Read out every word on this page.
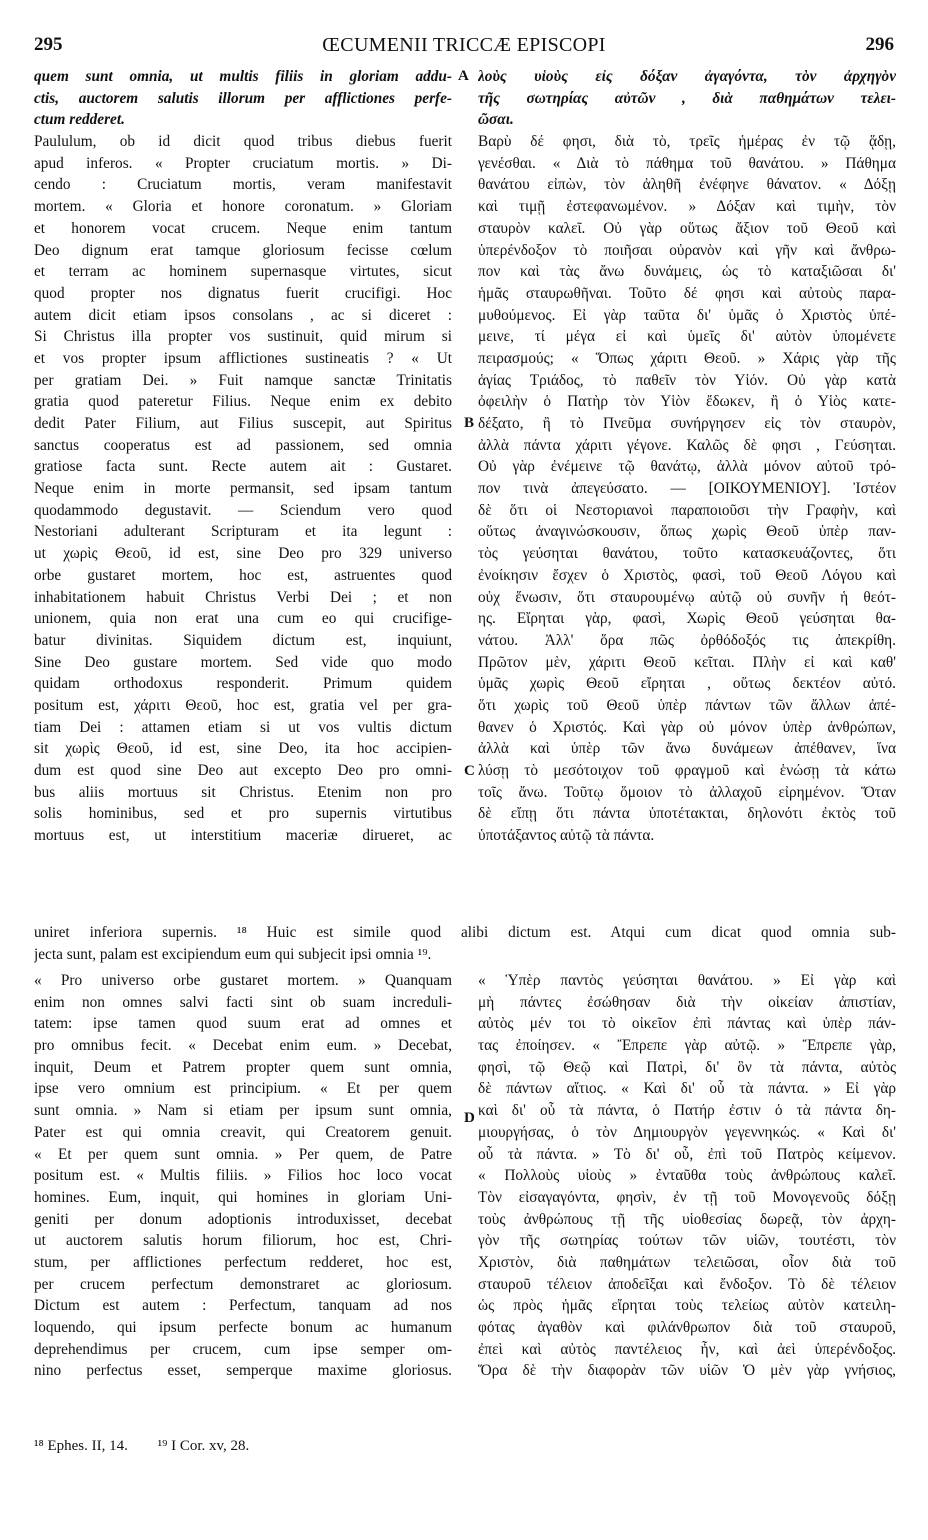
295	ŒCUMENII TRICCÆ EPISCOPI	296
quem sunt omnia, ut multis filiis in gloriam addu-
ctis, auctorem salutis illorum per afflictiones perfe-
ctum redderet.
Paululum, ob id dicit quod tribus diebus fuerit
apud inferos. « Propter cruciatum mortis. » Di-
cendo : Cruciatum mortis, veram manifestavit
mortem. « Gloria et honore coronatum. » Gloriam
et honorem vocat crucem. Neque enim tantum
Deo dignum erat tamque gloriosum fecisse cœlum
et terram ac hominem supernasque virtutes, sicut
quod propter nos dignatus fuerit crucifigi. Hoc
autem dicit etiam ipsos consolans , ac si diceret :
Si Christus illa propter vos sustinuit, quid mirum si
et vos propter ipsum afflictiones sustineatis ? « Ut
per gratiam Dei. » Fuit namque sanctæ Trinitatis
gratia quod pateretur Filius. Neque enim ex debito
dedit Pater Filium, aut Filius suscepit, aut Spiritus
sanctus cooperatus est ad passionem, sed omnia
gratiose facta sunt. Recte autem ait : Gustaret.
Neque enim in morte permansit, sed ipsam tantum
quodammodo degustavit. — Sciendum vero quod
Nestoriani adulterant Scripturam et ita legunt :
ut χωρὶς Θεοῦ, id est, sine Deo pro 329 universo
orbe gustaret mortem, hoc est, astruentes quod
inhabitationem habuit Christus Verbi Dei ; et non
unionem, quia non erat una cum eo qui crucifige-
batur divinitas. Siquidem dictum est, inquiunt,
Sine Deo gustare mortem. Sed vide quo modo
quidam orthodoxus responderit. Primum quidem
positum est, χάριτι Θεοῦ, hoc est, gratia vel per gra-
tiam Dei : attamen etiam si ut vos vultis dictum
sit χωρὶς Θεοῦ, id est, sine Deo, ita hoc accipien-
dum est quod sine Deo aut excepto Deo pro omni-
bus aliis mortuus sit Christus. Etenim non pro
solis hominibus, sed et pro supernis virtutibus
mortuus est, ut interstitium maceriæ dirueret, ac
λοὺς υἱοὺς εἰς δόξαν ἀγαγόντα, τὸν ἀρχηγὸν
τῆς σωτηρίας αὐτῶν , διὰ παθημάτων τελει-
ῶσαι.
Βαρὺ δέ φησι, διὰ τὸ, τρεῖς ἡμέρας ἐν τῷ ᾅδῃ,
γενέσθαι. « Διὰ τὸ πάθημα τοῦ θανάτου. » Πάθημα
θανάτου εἰπὼν, τὸν ἀληθῆ ἐνέφηνε θάνατον. « Δόξῃ
καὶ τιμῇ ἐστεφανωμένον. » Δόξαν καὶ τιμὴν, τὸν
σταυρὸν καλεῖ. Οὐ γὰρ οὕτως ἄξιον τοῦ Θεοῦ καὶ
ὑπερένδοξον τὸ ποιῆσαι οὐρανὸν καὶ γῆν καὶ ἄνθρω-
πον καὶ τὰς ἄνω δυνάμεις, ὡς τὸ καταξιῶσαι δι'
ἡμᾶς σταυρωθῆναι. Τοῦτο δέ φησι καὶ αὐτοὺς παρα-
μυθούμενος. Εἰ γὰρ ταῦτα δι' ὑμᾶς ὁ Χριστὸς ὑπέ-
μεινε, τί μέγα εἰ καὶ ὑμεῖς δι' αὐτὸν ὑπομένετε
πειρασμούς; « Ὅπως χάριτι Θεοῦ. » Χάρις γὰρ τῆς
ἁγίας Τριάδος, τὸ παθεῖν τὸν Υἱόν. Οὐ γὰρ κατὰ
ὀφειλὴν ὁ Πατὴρ τὸν Υἱὸν ἔδωκεν, ἢ ὁ Υἱὸς κατε-
δέξατο, ἢ τὸ Πνεῦμα συνήργησεν εἰς τὸν σταυρὸν,
ἀλλὰ πάντα χάριτι γέγονε. Καλῶς δὲ φησι , Γεύσηται.
Οὐ γὰρ ἐνέμεινε τῷ θανάτῳ, ἀλλὰ μόνον αὐτοῦ τρό-
πον τινὰ ἀπεγεύσατο. — [ΟΙΚΟΥΜΕΝΙΟΥ]. Ἰστέον
δὲ ὅτι οἱ Νεστοριανοὶ παραποιοῦσι τὴν Γραφὴν, καὶ
οὕτως ἀναγινώσκουσιν, ὅπως χωρὶς Θεοῦ ὑπὲρ παν-
τὸς γεύσηται θανάτου, τοῦτο κατασκευάζοντες, ὅτι
ἐνοίκησιν ἔσχεν ὁ Χριστὸς, φασὶ, τοῦ Θεοῦ Λόγου καὶ
οὐχ ἕνωσιν, ὅτι σταυρουμένῳ αὐτῷ οὐ συνῆν ἡ θεότ-
ης. Εἴρηται γὰρ, φασὶ, Χωρὶς Θεοῦ γεύσηται θα-
νάτου. Ἀλλ' ὅρα πῶς ὀρθόδοξός τις ἀπεκρίθη.
Πρῶτον μὲν, χάριτι Θεοῦ κεῖται. Πλὴν εἰ καὶ καθ'
ὑμᾶς χωρὶς Θεοῦ εἴρηται , οὕτως δεκτέον αὐτό.
ὅτι χωρὶς τοῦ Θεοῦ ὑπὲρ πάντων τῶν ἄλλων ἀπέ-
θανεν ὁ Χριστός. Καὶ γὰρ οὐ μόνον ὑπὲρ ἀνθρώπων,
ἀλλὰ καὶ ὑπὲρ τῶν ἄνω δυνάμεων ἀπέθανεν, ἵνα
λύσῃ τὸ μεσότοιχον τοῦ φραγμοῦ καὶ ἑνώσῃ τὰ κάτω
τοῖς ἄνω. Τοῦτῳ ὅμοιον τὸ ἀλλαχοῦ εἰρημένον. Ὅταν
δὲ εἴπῃ ὅτι πάντα ὑποτέτακται, δηλονότι ἐκτὸς τοῦ
ὑποτάξαντος αὐτῷ τὰ πάντα.
A
B
C
D
uniret inferiora supernis. ¹⁸ Huic est simile quod alibi dictum est. Atqui cum dicat quod omnia sub-
jecta sunt, palam est excipiendum eum qui subjecit ipsi omnia ¹⁹.
« Pro universo orbe gustaret mortem. » Quanquam
enim non omnes salvi facti sint ob suam increduli-
tatem: ipse tamen quod suum erat ad omnes et
pro omnibus fecit. « Decebat enim eum. » Decebat,
inquit, Deum et Patrem propter quem sunt omnia,
ipse vero omnium est principium. « Et per quem
sunt omnia. » Nam si etiam per ipsum sunt omnia,
Pater est qui omnia creavit, qui Creatorem genuit.
« Et per quem sunt omnia. » Per quem, de Patre
positum est. « Multis filiis. » Filios hoc loco vocat
homines. Eum, inquit, qui homines in gloriam Uni-
geniti per donum adoptionis introduxisset, decebat
ut auctorem salutis horum filiorum, hoc est, Chri-
stum, per afflictiones perfectum redderet, hoc est,
per crucem perfectum demonstraret ac gloriosum.
Dictum est autem : Perfectum, tanquam ad nos
loquendo, qui ipsum perfecte bonum ac humanum
deprehendimus per crucem, cum ipse semper om-
nino perfectus esset, semperque maxime gloriosus.
« Ὑπὲρ παντὸς γεύσηται θανάτου. » Εἰ γὰρ καὶ
μὴ πάντες ἐσώθησαν διὰ τὴν οἰκείαν ἀπιστίαν,
αὐτὸς μέν τοι τὸ οἰκεῖον ἐπὶ πάντας καὶ ὑπὲρ πάν-
τας ἐποίησεν. « Ἔπρεπε γὰρ αὐτῷ. » Ἔπρεπε γὰρ,
φησὶ, τῷ Θεῷ καὶ Πατρὶ, δι' ὃν τὰ πάντα, αὐτὸς
δὲ πάντων αἴτιος. « Καὶ δι' οὗ τὰ πάντα. » Εἰ γὰρ
καὶ δι' οὗ τὰ πάντα, ὁ Πατήρ ἐστιν ὁ τὰ πάντα δη-
μιουργήσας, ὁ τὸν Δημιουργὸν γεγεννηκώς. « Καὶ δι'
οὗ τὰ πάντα. » Τὸ δι' οὗ, ἐπὶ τοῦ Πατρὸς κείμενον.
« Πολλοὺς υἱοὺς » ἐνταῦθα τοὺς ἀνθρώπους καλεῖ.
Τὸν εἰσαγαγόντα, φησὶν, ἐν τῇ τοῦ Μονογενοῦς δόξῃ
τοὺς ἀνθρώπους τῇ τῆς υἱοθεσίας δωρεᾷ, τὸν ἀρχη-
γὸν τῆς σωτηρίας τούτων τῶν υἱῶν, τουτέστι, τὸν
Χριστὸν, διὰ παθημάτων τελειῶσαι, οἷον διὰ τοῦ
σταυροῦ τέλειον ἀποδεῖξαι καὶ ἔνδοξον. Τὸ δὲ τέλειον
ὡς πρὸς ἡμᾶς εἴρηται τοὺς τελείως αὐτὸν κατειλη-
φότας ἀγαθὸν καὶ φιλάνθρωπον διὰ τοῦ σταυροῦ,
ἐπεὶ καὶ αὐτὸς παντέλειος ἦν, καὶ ἀεὶ ὑπερένδοξος.
Ὅρα δὲ τὴν διαφορὰν τῶν υἱῶν Ὁ μὲν γὰρ γνήσιος,
¹⁸ Ephes. II, 14. ¹⁹ I Cor. xv, 28.
